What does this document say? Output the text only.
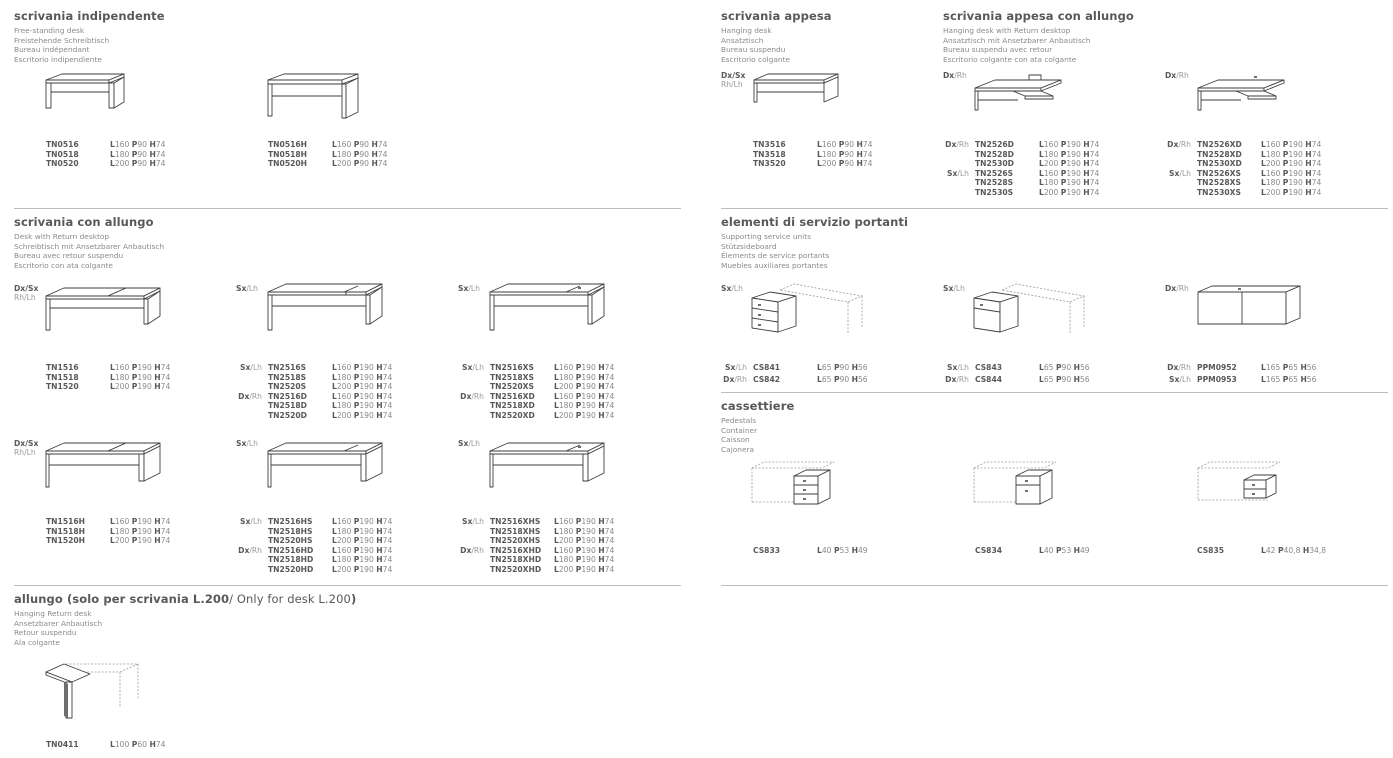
scrivania indipendente
Free-standing desk
Freistehende Schreibtisch
Bureau indépendant
Escritorio indipendiente
scrivania appesa
Hanging desk
Ansatztisch
Bureau suspendu
Escritorio colgante
scrivania appesa con allungo
Hanging desk with Return desktop
Ansatztisch mit Ansetzbarer Anbautisch
Bureau suspendu avec retour
Escritorio colgante con ata colgante
scrivania con allungo
Desk with Return desktop
Schreibtisch mit Ansetzbarer Anbautisch
Bureau avec retour suspendu
Escritorio con ata colgante
elementi di servizio portanti
Supporting service units
Stützsideboard
Élements de service portants
Muebles auxiliares portantes
cassettiere
Pedestals
Container
Caisson
Cajonera
allungo (solo per scrivania L.200/ Only for desk L.200)
Hanging Return desk
Ansetzbarer Anbautisch
Retour suspendu
Ala colgante
Dx/Sx
Rh/Lh
Dx/Rh	Dx/Rh
Dx/Sx
Rh/Lh
Sx/Lh	Sx/Lh
Dx/Sx
Rh/Lh
Sx/Lh	Sx/Lh
Sx/Lh	Sx/Lh	Dx/Rh
TN0516	L160 P90 H74
TN0518	L180 P90 H74
TN0520	L200 P90 H74
TN0516H	L160 P90 H74
TN0518H	L180 P90 H74
TN0520H	L200 P90 H74
TN3516	L160 P90 H74
TN3518	L180 P90 H74
TN3520	L200 P90 H74
Dx/Rh TN2526D	L160 P190 H74
TN2528D	L180 P190 H74
TN2530D	L200 P190 H74
Sx/Lh TN2526S	L160 P190 H74
TN2528S	L180 P190 H74
TN2530S	L200 P190 H74
Dx/Rh TN2526XD	L160 P190 H74
TN2528XD	L180 P190 H74
TN2530XD	L200 P190 H74
Sx/Lh TN2526XS	L160 P190 H74
TN2528XS	L180 P190 H74
TN2530XS	L200 P190 H74
TN1516	L160 P190 H74
TN1518	L180 P190 H74
TN1520	L200 P190 H74
Sx/Lh TN2516S	L160 P190 H74
TN2518S	L180 P190 H74
TN2520S	L200 P190 H74
Dx/Rh TN2516D	L160 P190 H74
TN2518D	L180 P190 H74
TN2520D	L200 P190 H74
Sx/Lh TN2516XS	L160 P190 H74
TN2518XS	L180 P190 H74
TN2520XS	L200 P190 H74
Dx/Rh TN2516XD	L160 P190 H74
TN2518XD	L180 P190 H74
TN2520XD	L200 P190 H74
TN1516H	L160 P190 H74
TN1518H	L180 P190 H74
TN1520H	L200 P190 H74
Sx/Lh TN2516HS	L160 P190 H74
TN2518HS	L180 P190 H74
TN2520HS	L200 P190 H74
Dx/Rh TN2516HD L160 P190 H74
TN2518HD L180 P190 H74
TN2520HD L200 P190 H74
Sx/Lh TN2516XHS L160 P190 H74
TN2518XHS L180 P190 H74
TN2520XHS L200 P190 H74
Dx/Rh TN2516XHD L160 P190 H74
TN2518XHD L180 P190 H74
TN2520XHD L200 P190 H74
Sx/Lh CS841	L65 P90 H56
Dx/Rh CS842	L65 P90 H56
Sx/Lh CS843	L65 P90 H56
Dx/Rh CS844	L65 P90 H56
Dx/Rh PPM0952	L165 P65 H56
Sx/Lh PPM0953	L165 P65 H56
CS833	L40 P53 H49	CS834	L40 P53 H49	CS835	L42 P40,8 H34,8
TN0411	L100 P60 H74
